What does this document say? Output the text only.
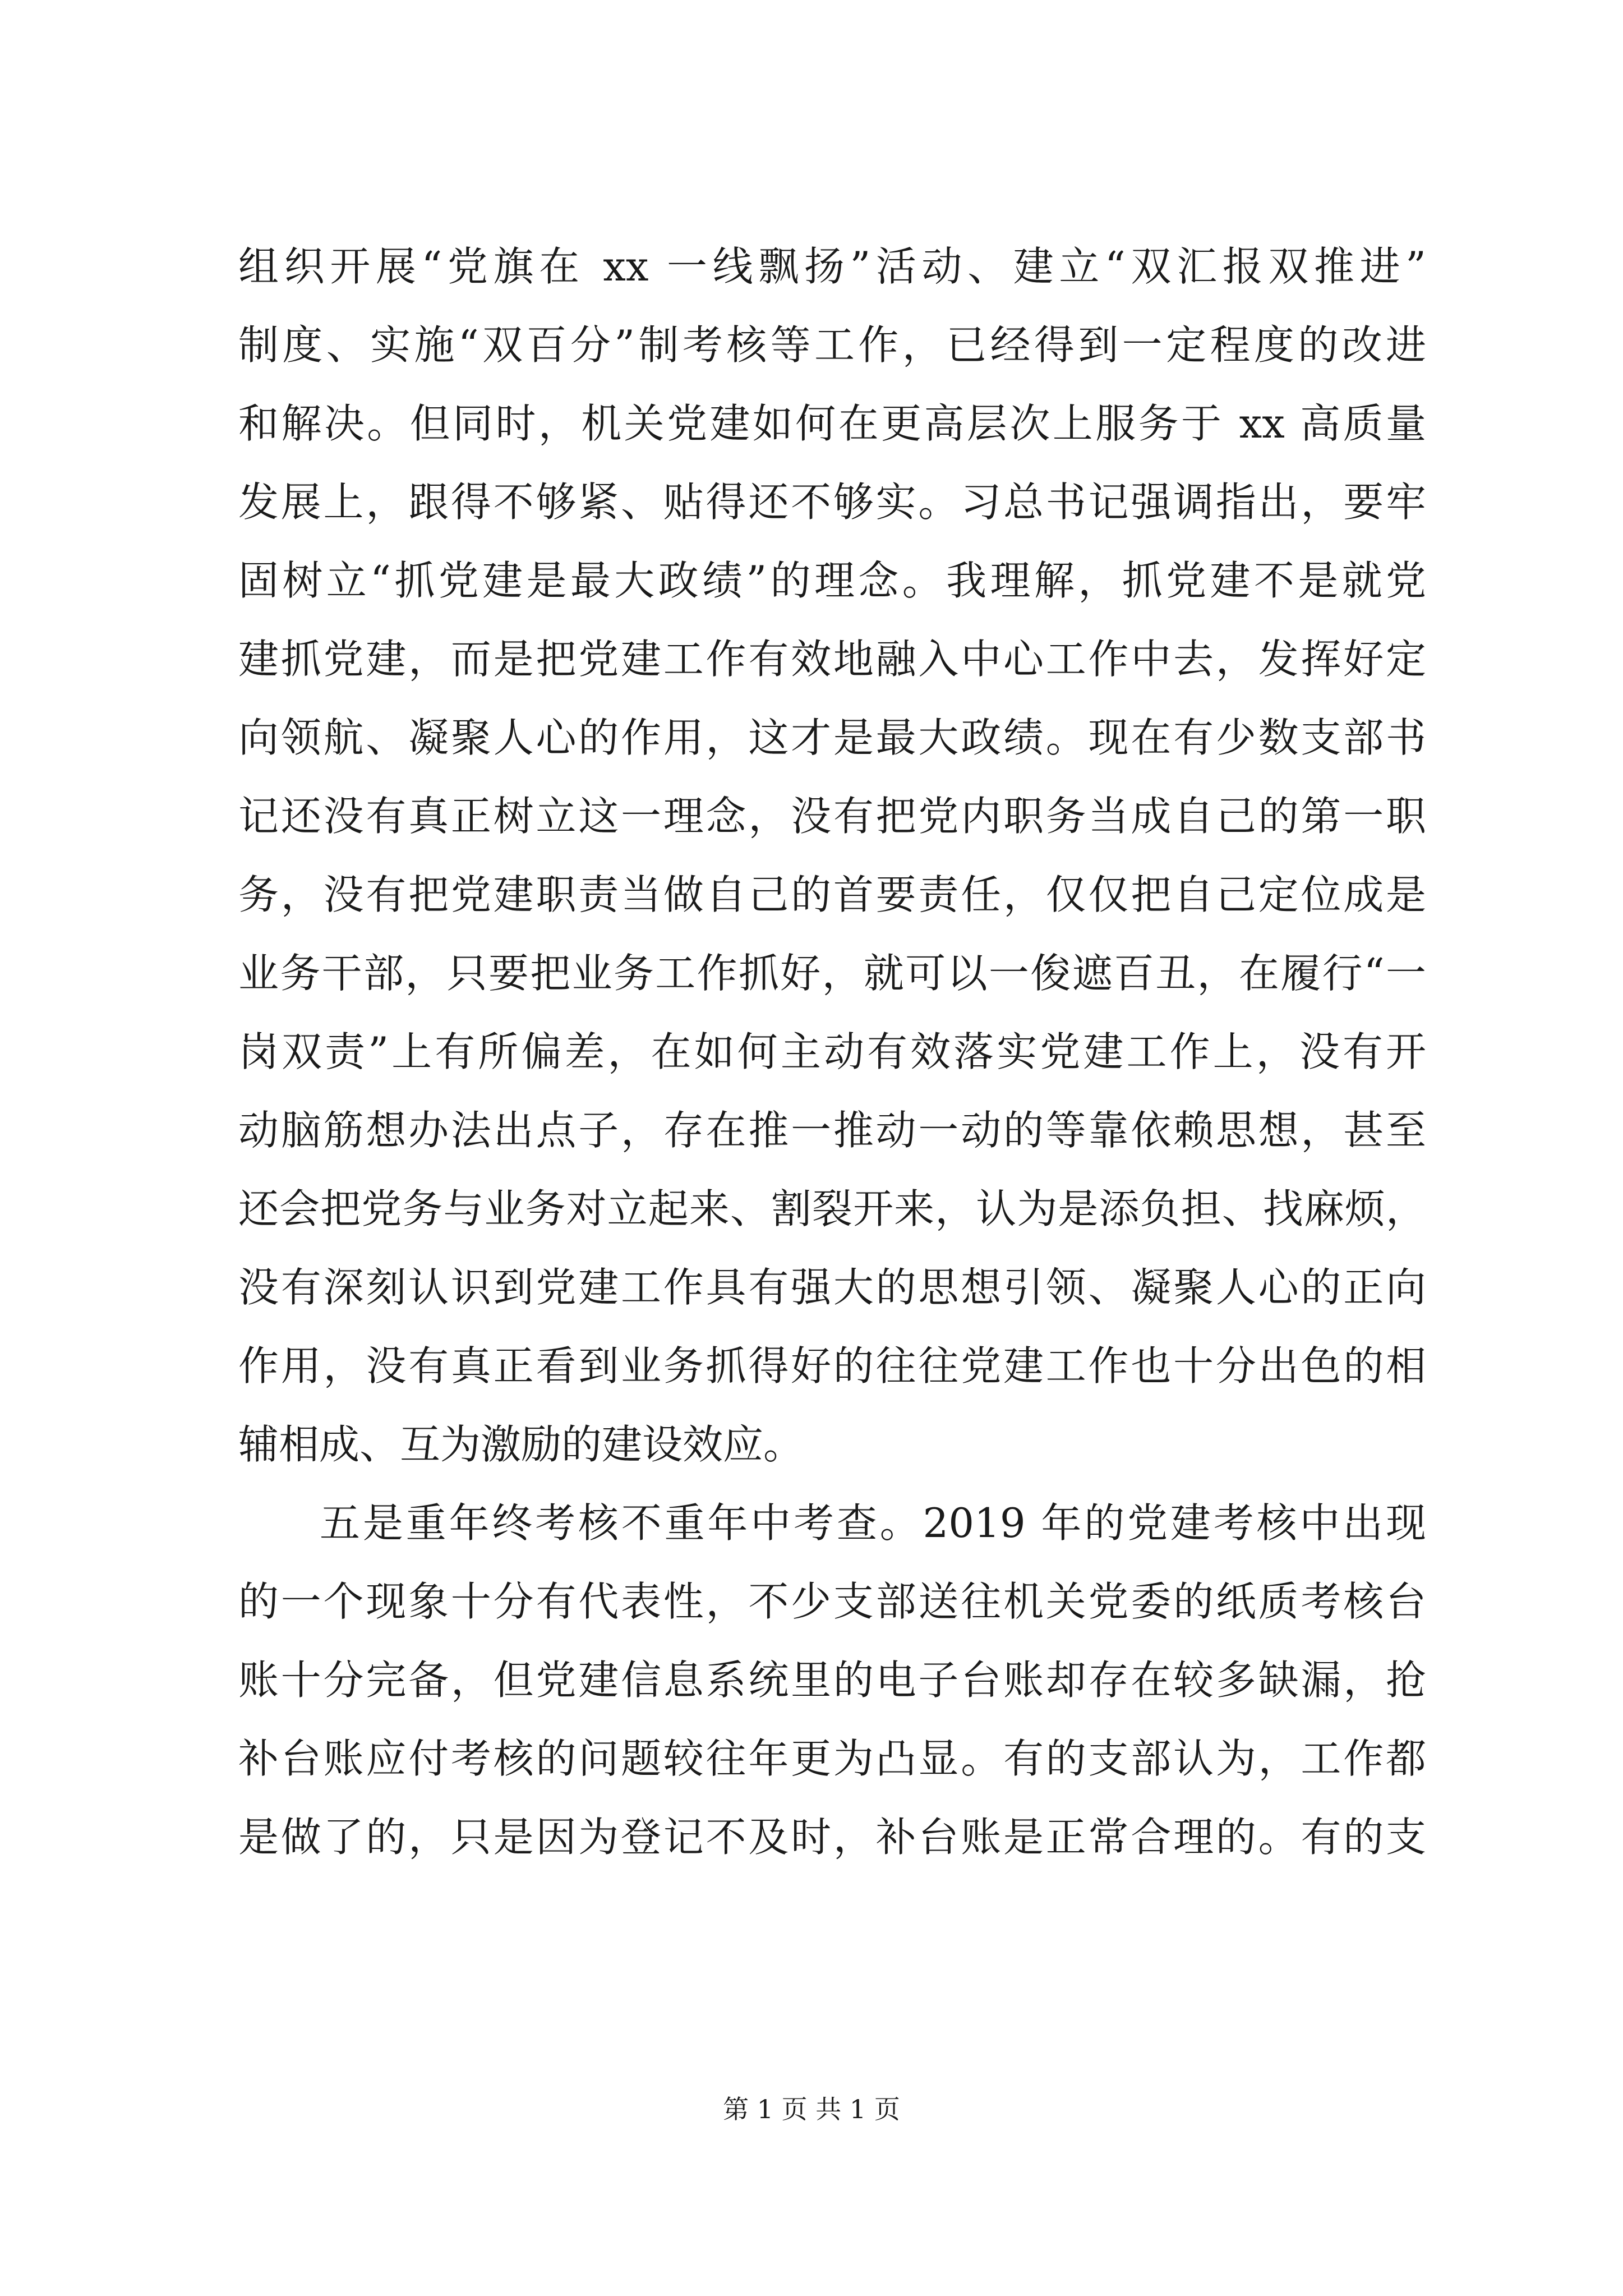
组织开展“党旗在 xx 一线飘扬”活动、建立“双汇报双推进”
制度、实施“双百分”制考核等工作，已经得到一定程度的改进
和解决。但同时，机关党建如何在更高层次上服务于 xx 高质量
发展上，跟得不够紧、贴得还不够实。习总书记强调指出，要牢
固树立“抓党建是最大政绩”的理念。我理解，抓党建不是就党
建抓党建，而是把党建工作有效地融入中心工作中去，发挥好定
向领航、凝聚人心的作用，这才是最大政绩。现在有少数支部书
记还没有真正树立这一理念，没有把党内职务当成自己的第一职
务，没有把党建职责当做自己的首要责任，仅仅把自己定位成是
业务干部，只要把业务工作抓好，就可以一俊遮百丑，在履行“一
岗双责”上有所偏差，在如何主动有效落实党建工作上，没有开
动脑筋想办法出点子，存在推一推动一动的等靠依赖思想，甚至
还会把党务与业务对立起来、割裂开来，认为是添负担、找麻烦，
没有深刻认识到党建工作具有强大的思想引领、凝聚人心的正向
作用，没有真正看到业务抓得好的往往党建工作也十分出色的相
辅相成、互为激励的建设效应。
五是重年终考核不重年中考查。2019 年的党建考核中出现
的一个现象十分有代表性，不少支部送往机关党委的纸质考核台
账十分完备，但党建信息系统里的电子台账却存在较多缺漏，抢
补台账应付考核的问题较往年更为凸显。有的支部认为，工作都
是做了的，只是因为登记不及时，补台账是正常合理的。有的支
第 1 页 共 1 页
